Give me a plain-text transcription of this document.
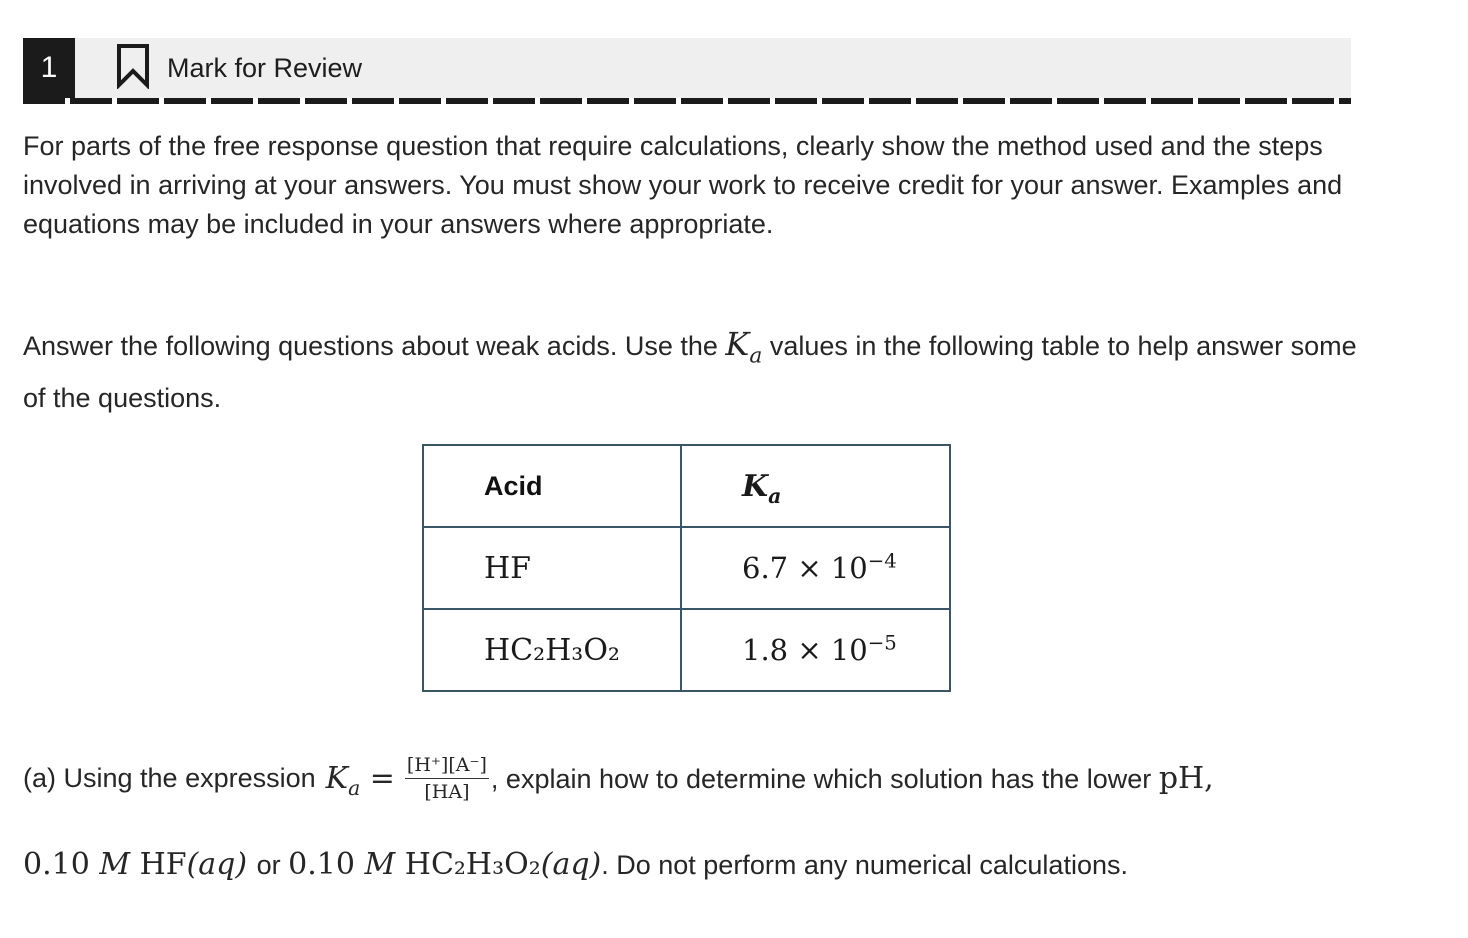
1	Mark for Review

For parts of the free response question that require calculations, clearly show the method used and the steps involved in arriving at your answers. You must show your work to receive credit for your answer. Examples and equations may be included in your answers where appropriate.

Answer the following questions about weak acids. Use the $K_a$ values in the following table to help answer some of the questions.

Acid	$K_a$
HF	$6.7 \times 10^{-4}$
HC₂H₃O₂	$1.8 \times 10^{-5}$
(a) Using the expression $K_a = \frac{[H^+][A^-]}{[HA]}$ , explain how to determine which solution has the lower pH,
0.10 M HF(aq) or 0.10 M HC₂H₃O₂(aq). Do not perform any numerical calculations.
